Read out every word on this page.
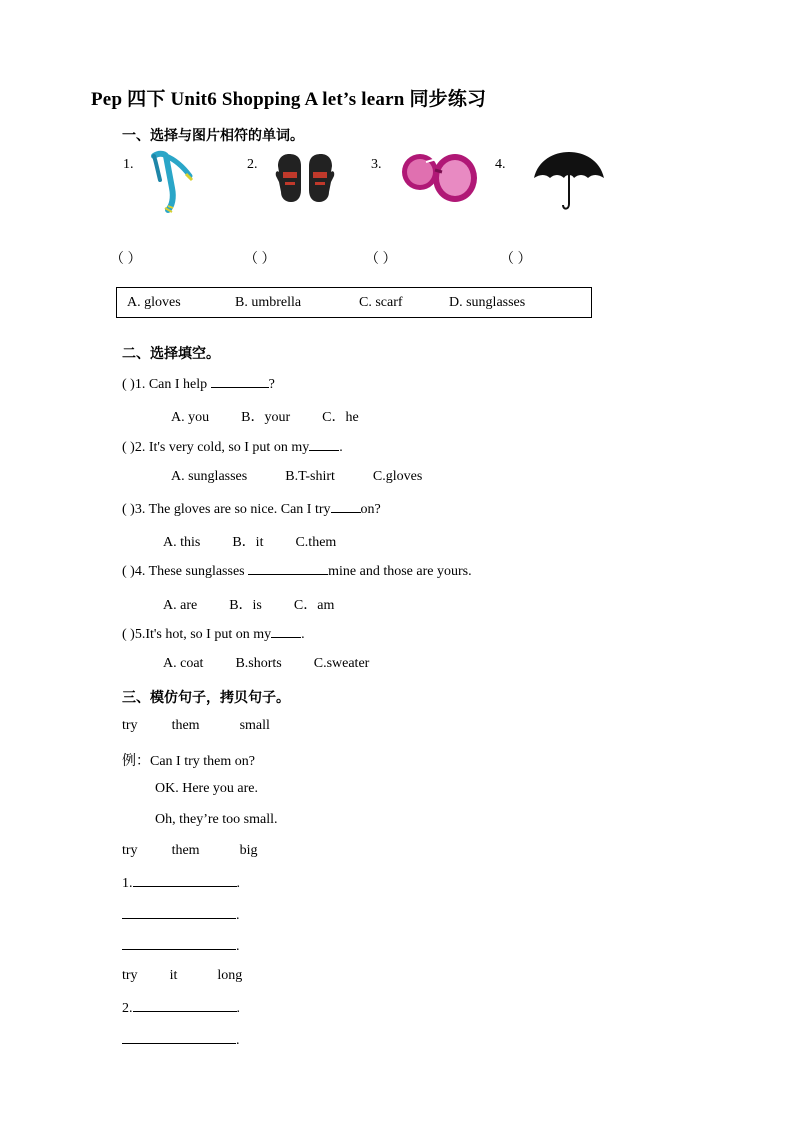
Pep 四下 Unit6 Shopping A let’s learn 同步练习
一、选择与图片相符的单词。
1.	2.	3.	4.
（ ）	（ ）	（ ）	（ ）
A. gloves	B. umbrella	C. scarf	D. sunglasses
二、选择填空。
( )1. Can I help	?
A. you B．your C．he
( )2. It's very cold, so I put on my .
A. sunglasses	B.T-shirt	C.gloves
( )3. The gloves are so nice. Can I try on?
A. this B．it C.them
( )4. These sunglasses	mine and those are yours.
A. are B．is C．am
( )5.It's hot, so I put on my .
A. coat B.shorts C.sweater
三、模仿句子，拷贝句子。
try them	small
例：Can I try them on?
OK. Here you are.
Oh, they’re too small.
try them	big
1.	.
.
.
try it	long
2.	.
.
